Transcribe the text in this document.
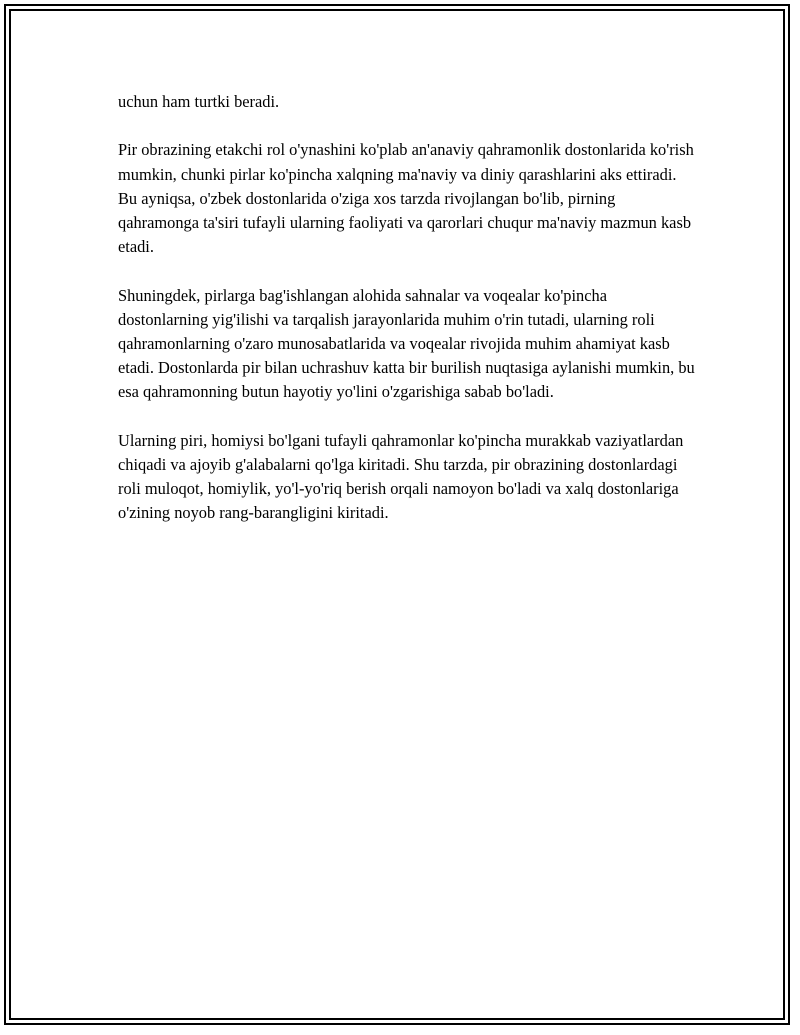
uchun ham turtki beradi.

Pir obrazining etakchi rol o'ynashini ko'plab an'anaviy qahramonlik dostonlarida ko'rish mumkin, chunki pirlar ko'pincha xalqning ma'naviy va diniy qarashlarini aks ettiradi. Bu ayniqsa, o'zbek dostonlarida o'ziga xos tarzda rivojlangan bo'lib, pirning qahramonga ta'siri tufayli ularning faoliyati va qarorlari chuqur ma'naviy mazmun kasb etadi.

Shuningdek, pirlarga bag'ishlangan alohida sahnalar va voqealar ko'pincha dostonlarning yig'ilishi va tarqalish jarayonlarida muhim o'rin tutadi, ularning roli qahramonlarning o'zaro munosabatlarida va voqealar rivojida muhim ahamiyat kasb etadi. Dostonlarda pir bilan uchrashuv katta bir burilish nuqtasiga aylanishi mumkin, bu esa qahramonning butun hayotiy yo'lini o'zgarishiga sabab bo'ladi.

Ularning piri, homiysi bo'lgani tufayli qahramonlar ko'pincha murakkab vaziyatlardan chiqadi va ajoyib g'alabalarni qo'lga kiritadi. Shu tarzda, pir obrazining dostonlardagi roli muloqot, homiylik, yo'l-yo'riq berish orqali namoyon bo'ladi va xalq dostonlariga o'zining noyob rang-barangligini kiritadi.
